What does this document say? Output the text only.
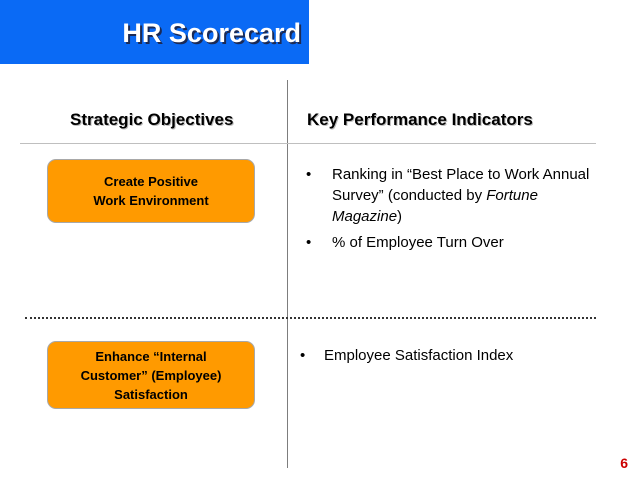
HR Scorecard
Strategic Objectives	Key Performance Indicators
Create Positive
Work Environment
• Ranking in “Best Place to Work Annual
Survey” (conducted by Fortune
Magazine)
• % of Employee Turn Over
Enhance “Internal
Customer” (Employee)
Satisfaction
• Employee Satisfaction Index
6
